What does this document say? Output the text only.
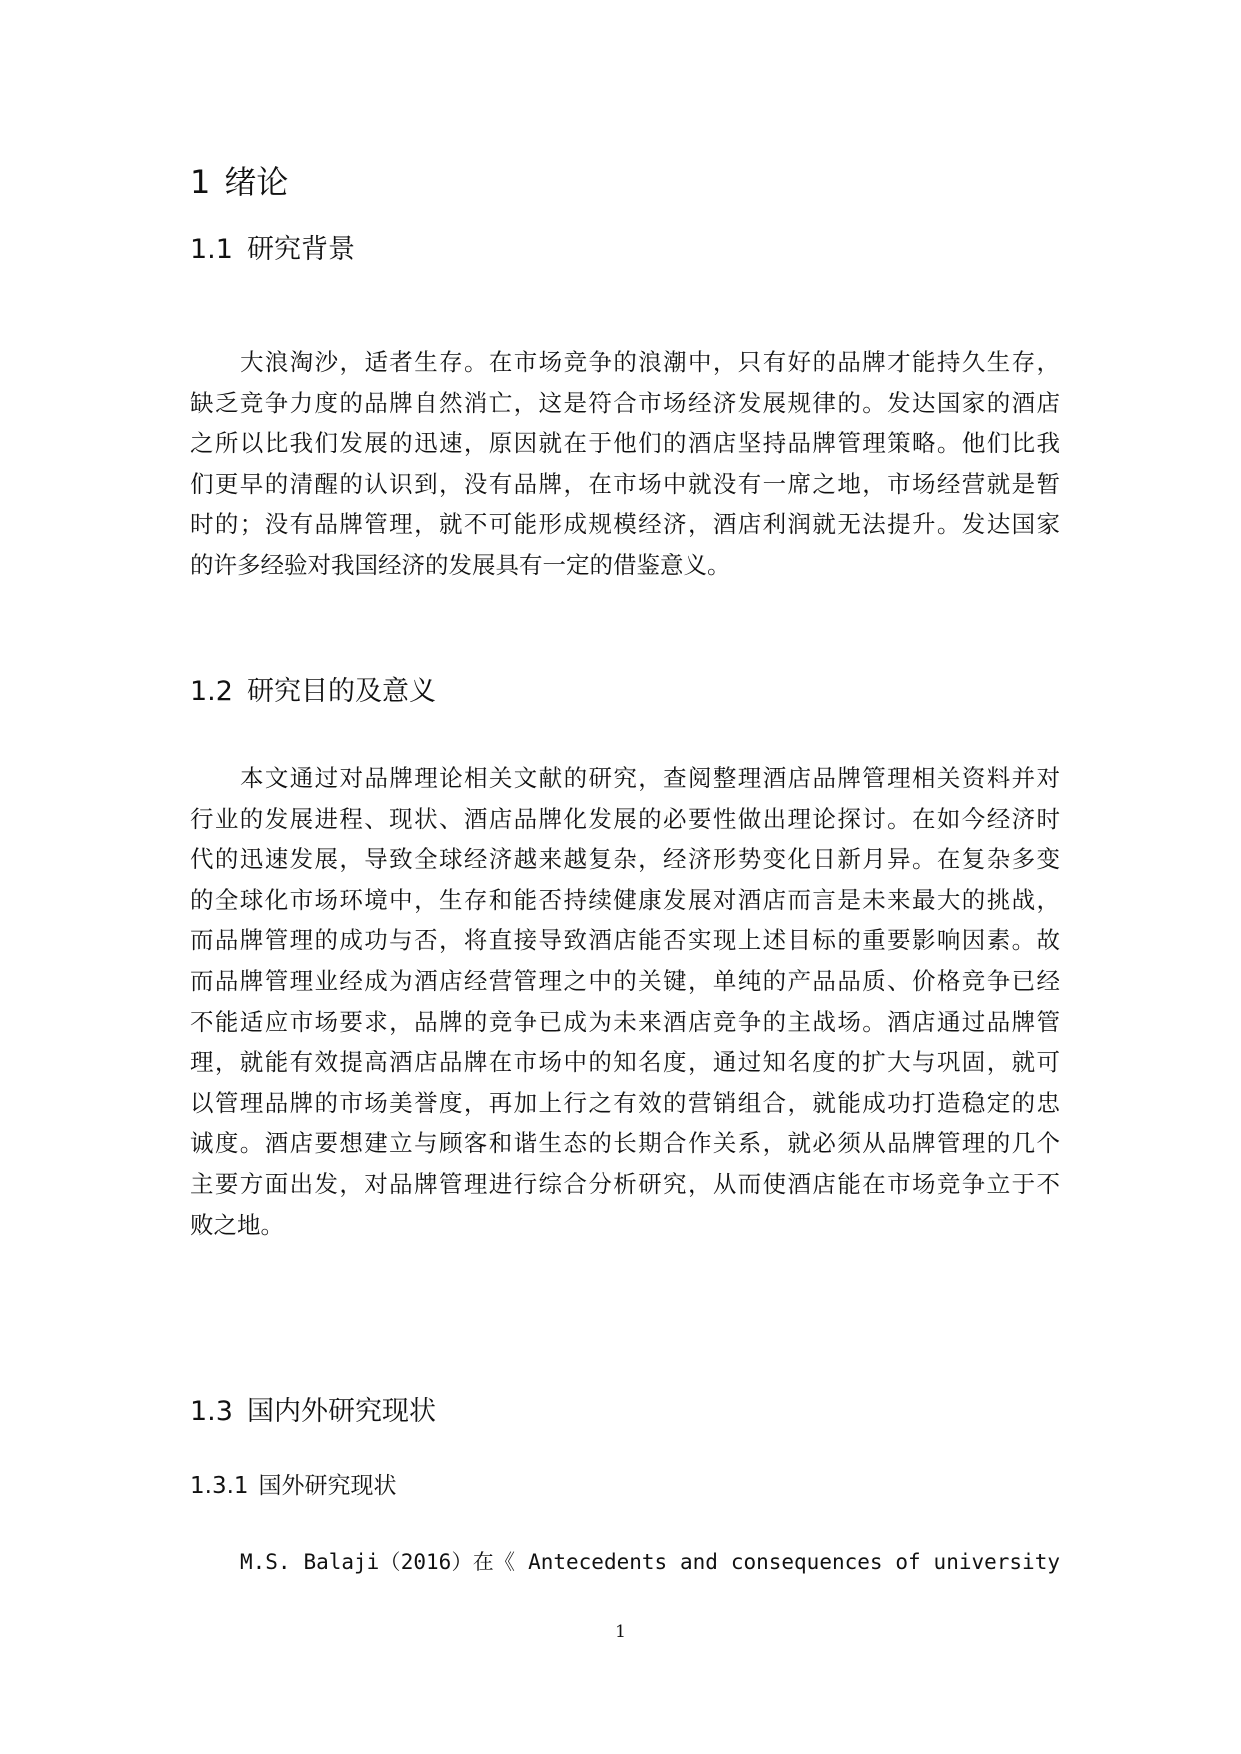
1 绪论
1.1 研究背景
大浪淘沙，适者生存。在市场竞争的浪潮中，只有好的品牌才能持久生存，
缺乏竞争力度的品牌自然消亡，这是符合市场经济发展规律的。发达国家的酒店
之所以比我们发展的迅速，原因就在于他们的酒店坚持品牌管理策略。他们比我
们更早的清醒的认识到，没有品牌，在市场中就没有一席之地，市场经营就是暂
时的；没有品牌管理，就不可能形成规模经济，酒店利润就无法提升。发达国家
的许多经验对我国经济的发展具有一定的借鉴意义。
1.2 研究目的及意义
本文通过对品牌理论相关文献的研究，查阅整理酒店品牌管理相关资料并对
行业的发展进程、现状、酒店品牌化发展的必要性做出理论探讨。在如今经济时
代的迅速发展，导致全球经济越来越复杂，经济形势变化日新月异。在复杂多变
的全球化市场环境中，生存和能否持续健康发展对酒店而言是未来最大的挑战，
而品牌管理的成功与否，将直接导致酒店能否实现上述目标的重要影响因素。故
而品牌管理业经成为酒店经营管理之中的关键，单纯的产品品质、价格竞争已经
不能适应市场要求，品牌的竞争已成为未来酒店竞争的主战场。酒店通过品牌管
理，就能有效提高酒店品牌在市场中的知名度，通过知名度的扩大与巩固，就可
以管理品牌的市场美誉度，再加上行之有效的营销组合，就能成功打造稳定的忠
诚度。酒店要想建立与顾客和谐生态的长期合作关系，就必须从品牌管理的几个
主要方面出发，对品牌管理进行综合分析研究，从而使酒店能在市场竞争立于不
败之地。
1.3 国内外研究现状
1.3.1 国外研究现状

M.S. Balaji（2016）在《 Antecedents and consequences of university

1
